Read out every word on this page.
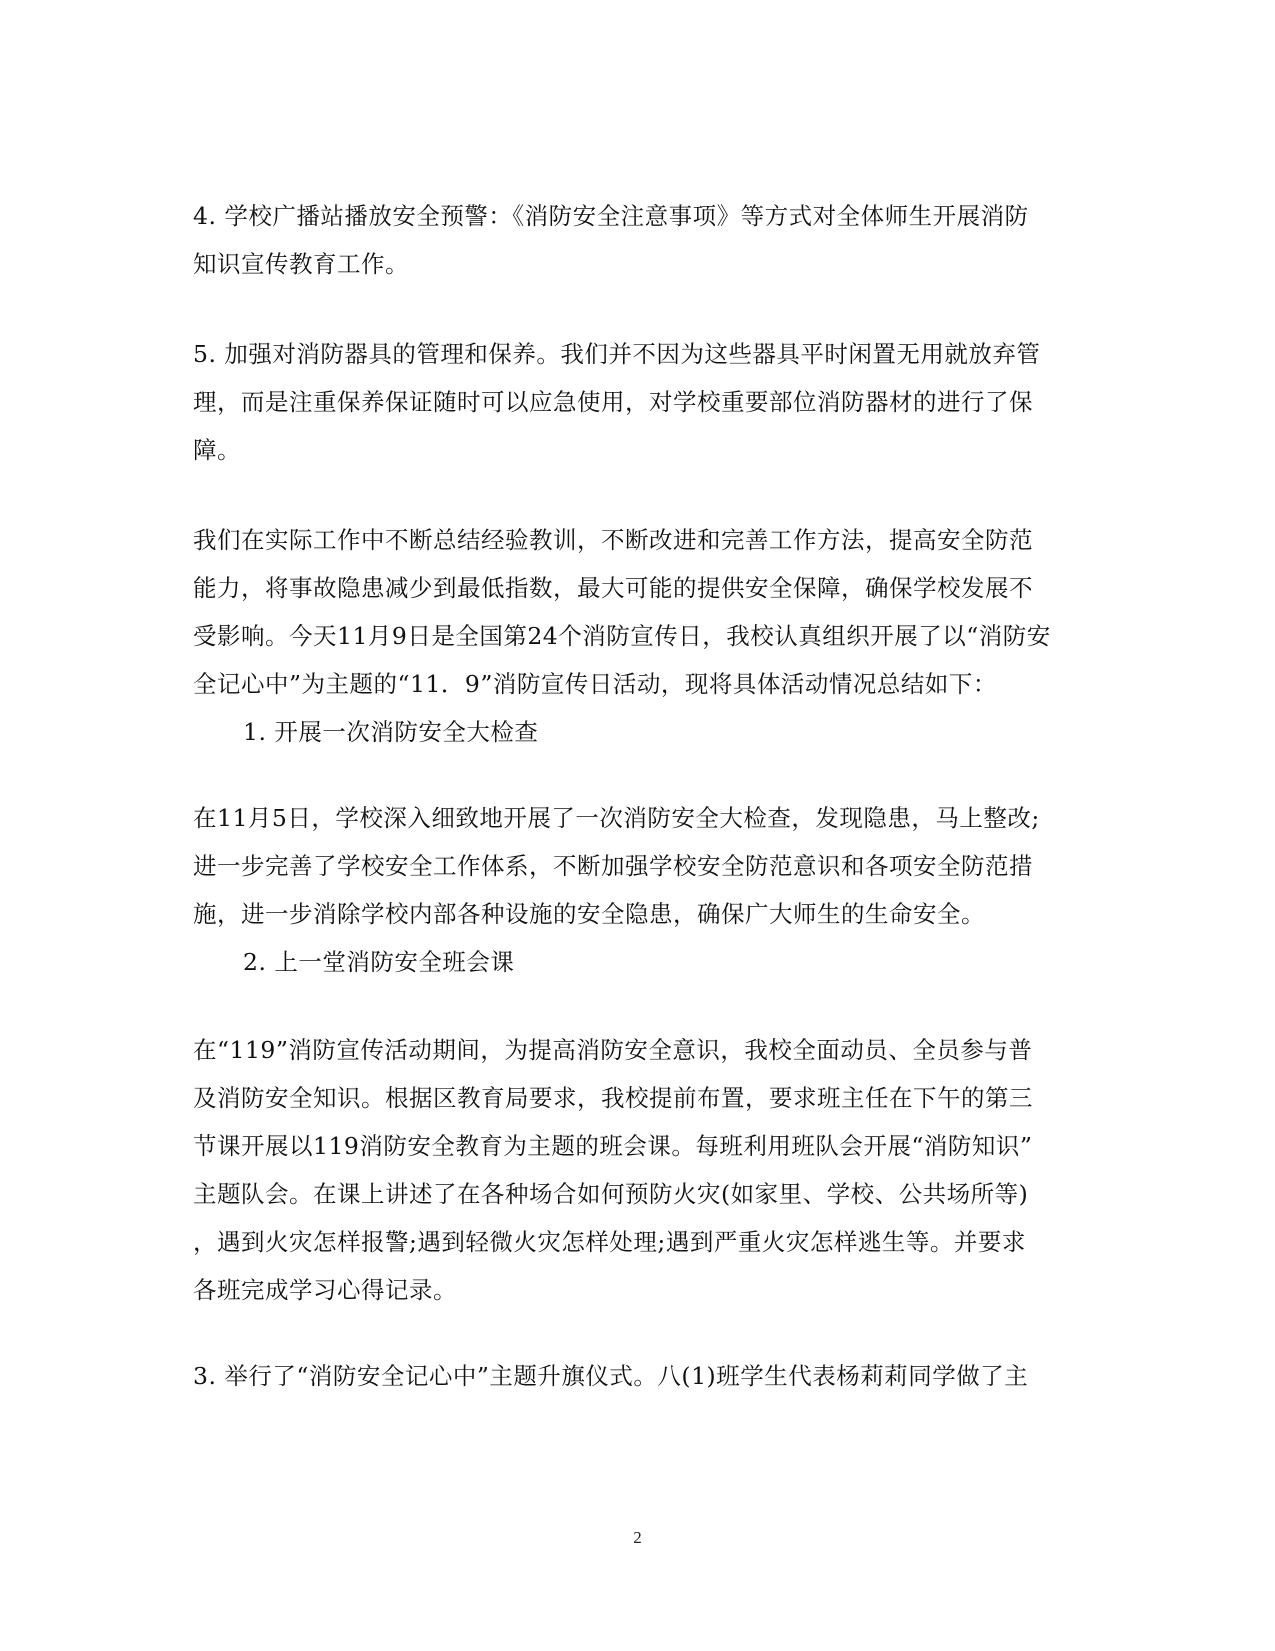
4. 学校广播站播放安全预警：《消防安全注意事项》等方式对全体师生开展消防
知识宣传教育工作。
5. 加强对消防器具的管理和保养。我们并不因为这些器具平时闲置无用就放弃管
理，而是注重保养保证随时可以应急使用，对学校重要部位消防器材的进行了保
障。
我们在实际工作中不断总结经验教训，不断改进和完善工作方法，提高安全防范
能力，将事故隐患减少到最低指数，最大可能的提供安全保障，确保学校发展不
受影响。今天11月9日是全国第24个消防宣传日，我校认真组织开展了以“消防安
全记心中”为主题的“11．9”消防宣传日活动，现将具体活动情况总结如下：
1. 开展一次消防安全大检查
在11月5日，学校深入细致地开展了一次消防安全大检查，发现隐患，马上整改;
进一步完善了学校安全工作体系，不断加强学校安全防范意识和各项安全防范措
施，进一步消除学校内部各种设施的安全隐患，确保广大师生的生命安全。
2. 上一堂消防安全班会课
在“119”消防宣传活动期间，为提高消防安全意识，我校全面动员、全员参与普
及消防安全知识。根据区教育局要求，我校提前布置，要求班主任在下午的第三
节课开展以119消防安全教育为主题的班会课。每班利用班队会开展“消防知识”
主题队会。在课上讲述了在各种场合如何预防火灾(如家里、学校、公共场所等)
，遇到火灾怎样报警;遇到轻微火灾怎样处理;遇到严重火灾怎样逃生等。并要求
各班完成学习心得记录。
3. 举行了“消防安全记心中”主题升旗仪式。八(1)班学生代表杨莉莉同学做了主
2
